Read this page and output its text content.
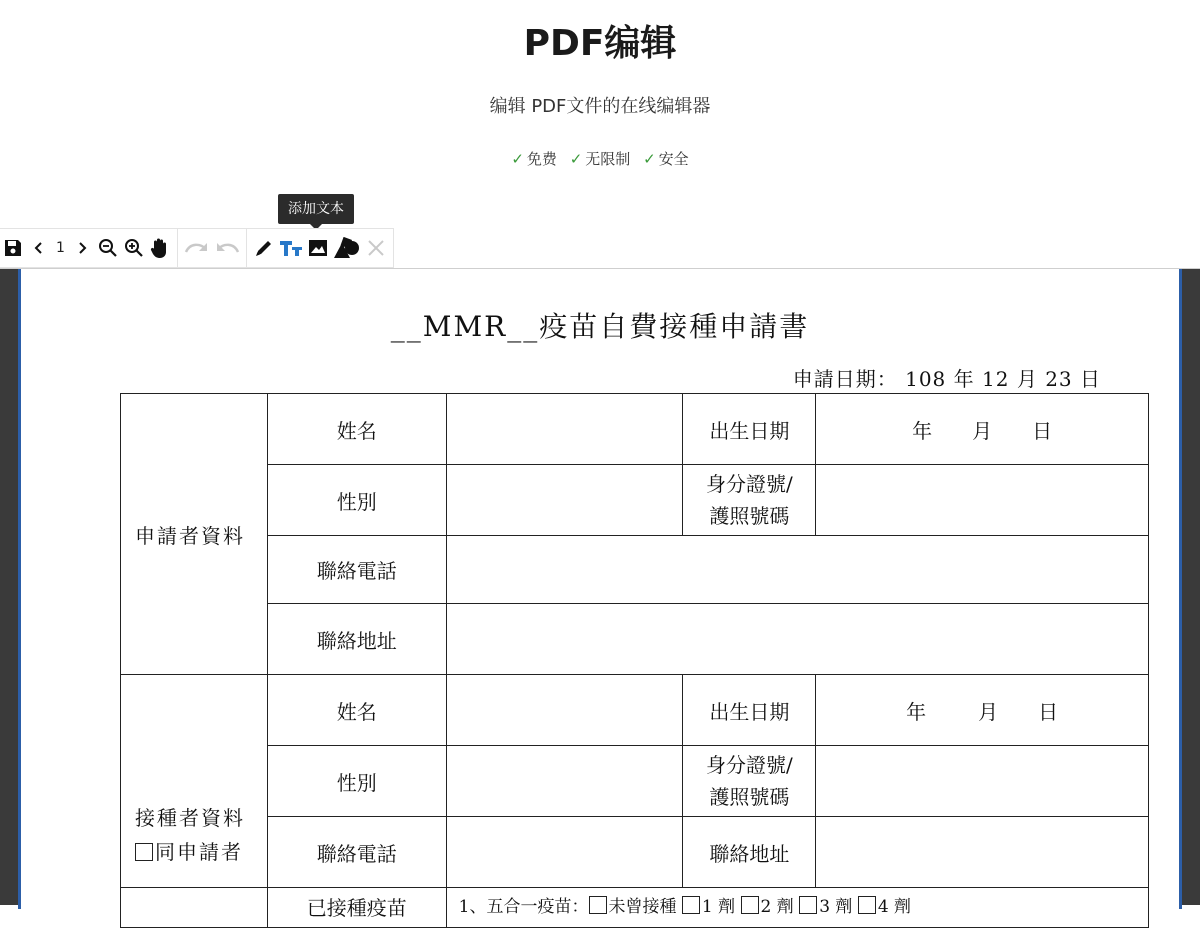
PDF编辑
编辑 PDF文件的在线编辑器
✓ 免费 ✓ 无限制 ✓ 安全
添加文本
1
__MMR__疫苗自費接種申請書
申請日期： 108 年 12 月 23 日
申請者資料	姓名		出生日期	年 月 日
	性別		身分證號/
護照號碼	

	聯絡電話			
	聯絡地址			

接種者資料
同申請者	姓名		出生日期	年 月 日
	性別		身分證號/
護照號碼	

	聯絡電話		聯絡地址	
	已接種疫苗	1、五合一疫苗： 未曾接種 1 劑 2 劑 3 劑 4 劑		
